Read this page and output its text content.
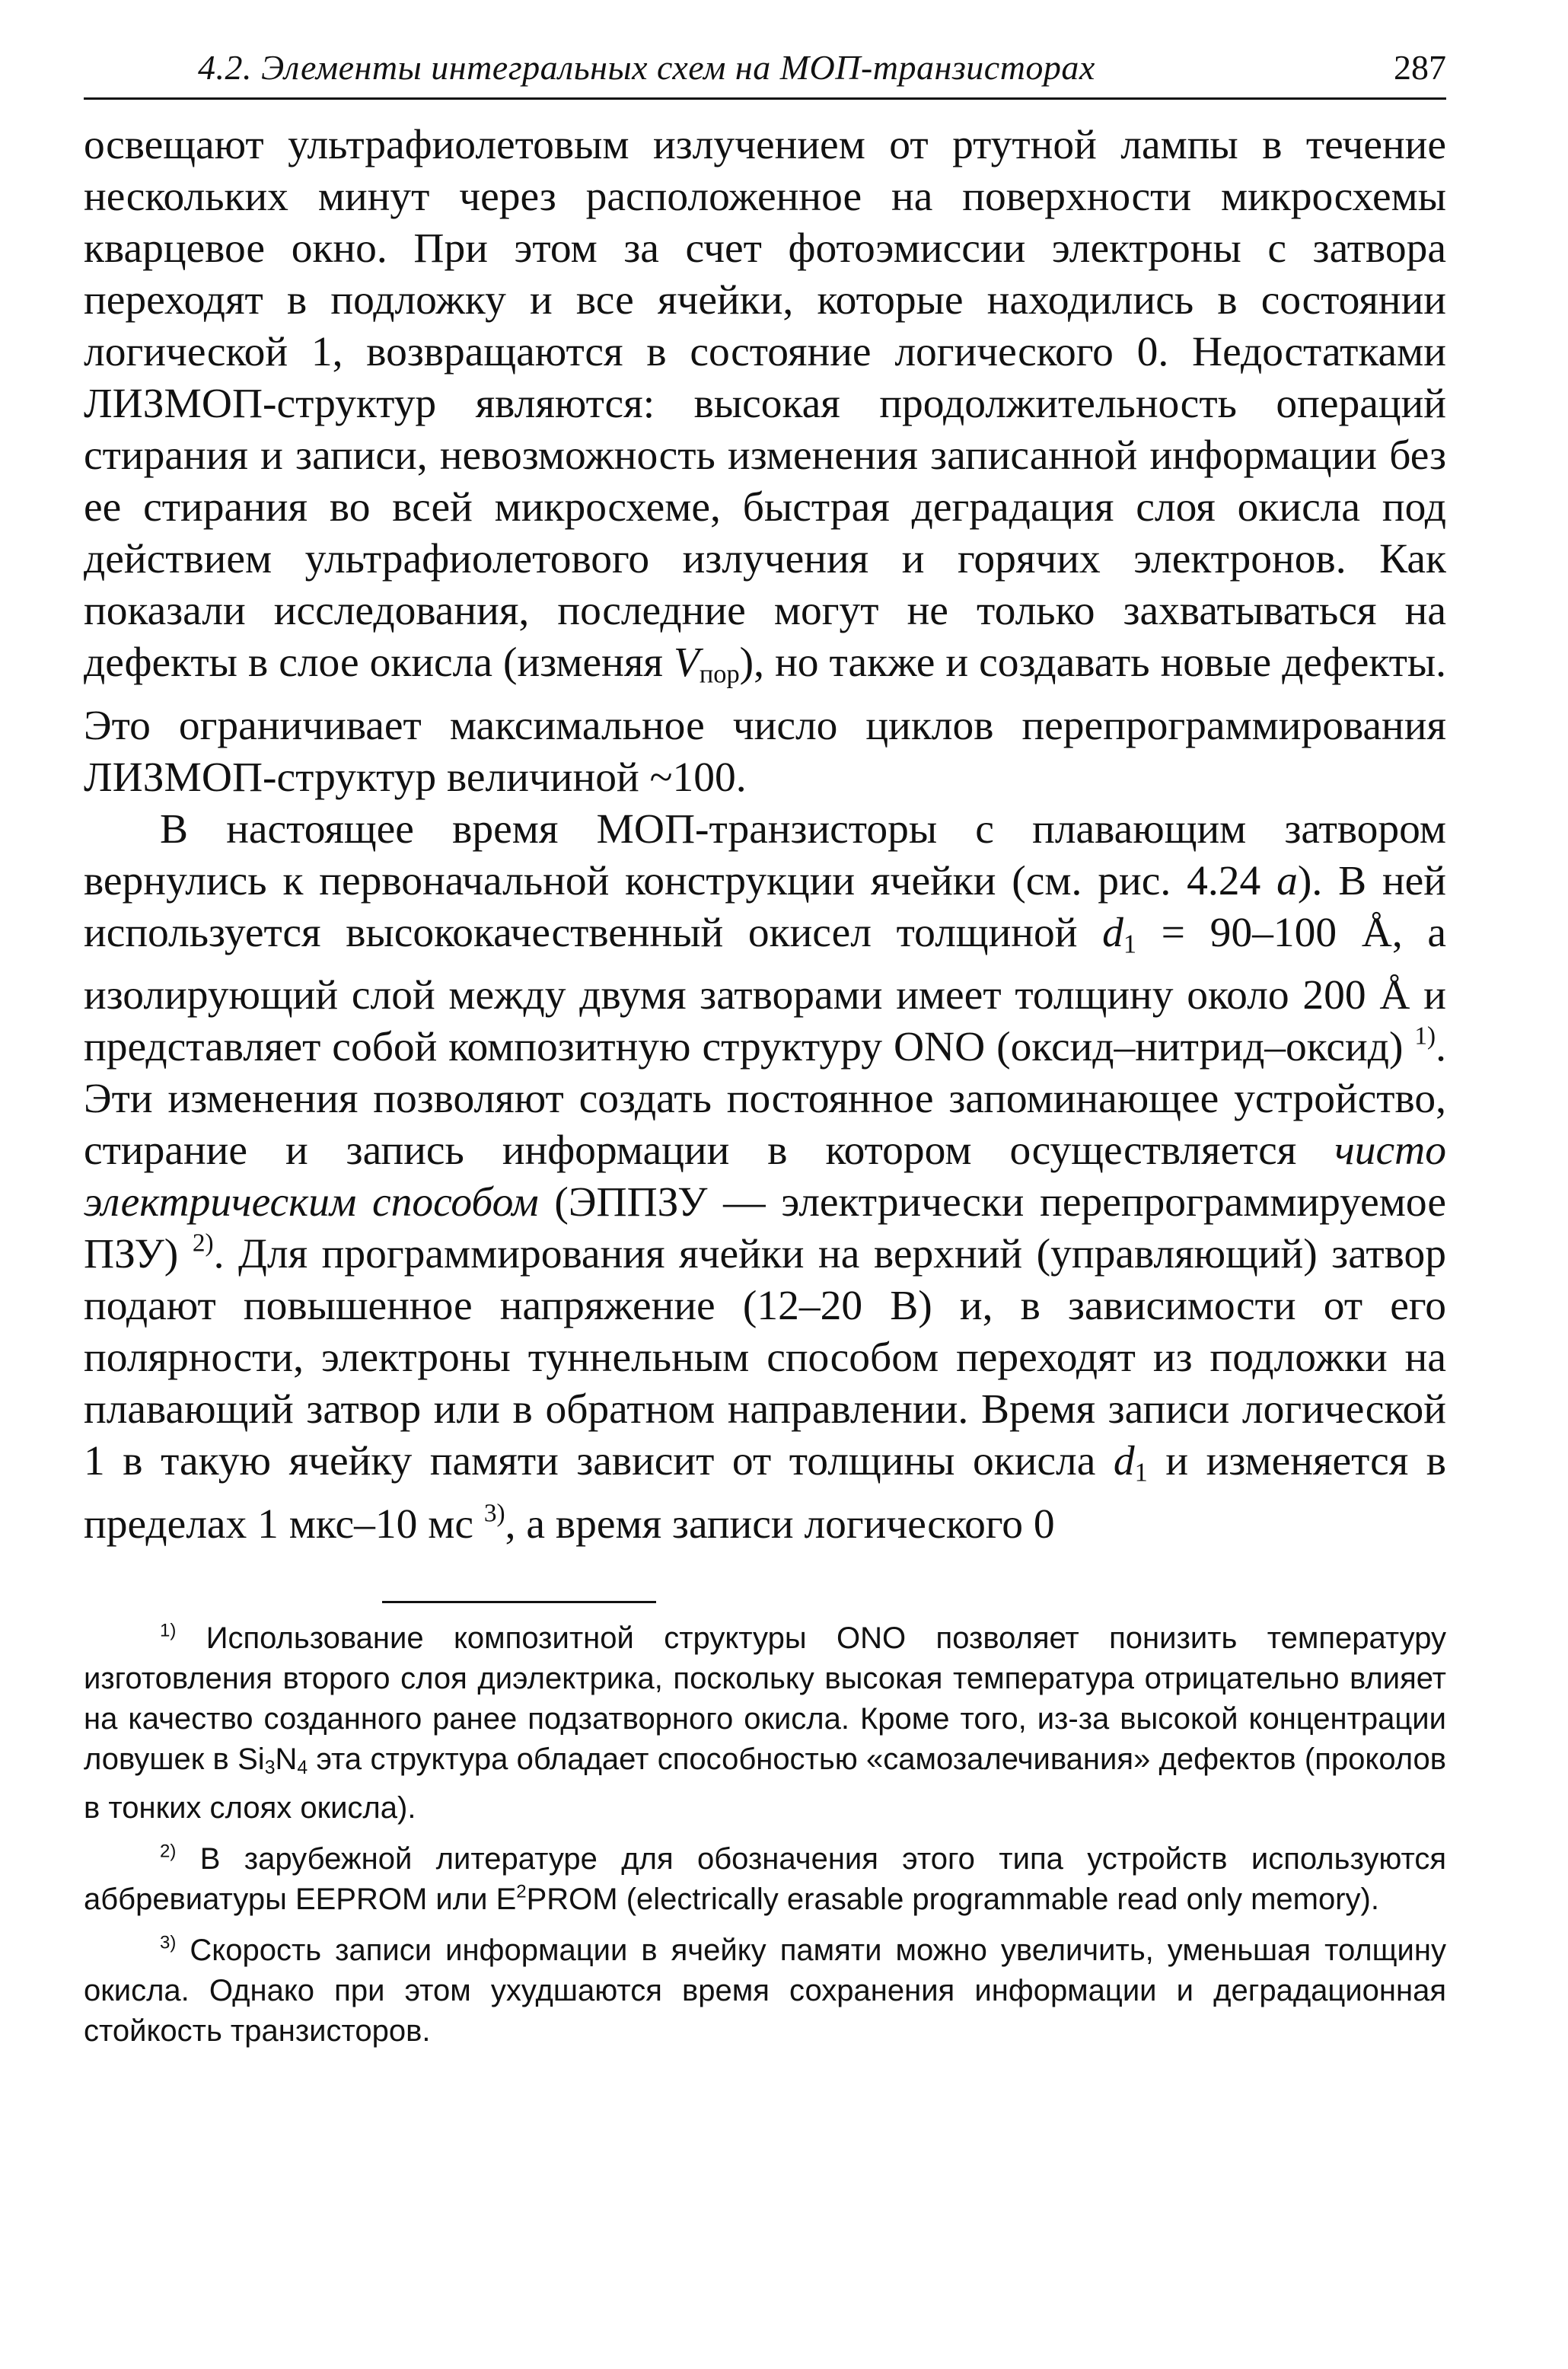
4.2. Элементы интегральных схем на МОП-транзисторах	287

освещают ультрафиолетовым излучением от ртутной лампы в течение нескольких минут через расположенное на поверхности микросхемы кварцевое окно. При этом за счет фотоэмиссии электроны с затвора переходят в подложку и все ячейки, которые находились в состоянии логической 1, возвращаются в состояние логического 0. Недостатками ЛИЗМОП-структур являются: высокая продолжительность операций стирания и записи, невозможность изменения записанной информации без ее стирания во всей микросхеме, быстрая деградация слоя окисла под действием ультрафиолетового излучения и горячих электронов. Как показали исследования, последние могут не только захватываться на дефекты в слое окисла (изменяя $V_{пор}$), но также и создавать новые дефекты. Это ограничивает максимальное число циклов перепрограммирования ЛИЗМОП-структур величиной ~100.

В настоящее время МОП-транзисторы с плавающим затвором вернулись к первоначальной конструкции ячейки (см. рис. 4.24 а). В ней используется высококачественный окисел толщиной $d_1 = 90-100$ Å, а изолирующий слой между двумя затворами имеет толщину около 200 Å и представляет собой композитную структуру ONO (оксид–нитрид–оксид) $^{1)}$. Эти изменения позволяют создать постоянное запоминающее устройство, стирание и запись информации в котором осуществляется чисто электрическим способом (ЭППЗУ — электрически перепрограммируемое ПЗУ) $^{2)}$. Для программирования ячейки на верхний (управляющий) затвор подают повышенное напряжение (12–20 В) и, в зависимости от его полярности, электроны туннельным способом переходят из подложки на плавающий затвор или в обратном направлении. Время записи логической 1 в такую ячейку памяти зависит от толщины окисла $d_1$ и изменяется в пределах 1 мкс–10 мс $^{3)}$, а время записи логического 0

$^{1)}$ Использование композитной структуры ONO позволяет понизить температуру изготовления второго слоя диэлектрика, поскольку высокая температура отрицательно влияет на качество созданного ранее подзатворного окисла. Кроме того, из-за высокой концентрации ловушек в $Si_3N_4$ эта структура обладает способностью «самозалечивания» дефектов (проколов в тонких слоях окисла).

$^{2)}$ В зарубежной литературе для обозначения этого типа устройств используются аббревиатуры EEPROM или $E^2PROM$ (electrically erasable programmable read only memory).

$^{3)}$ Скорость записи информации в ячейку памяти можно увеличить, уменьшая толщину окисла. Однако при этом ухудшаются время сохранения информации и деградационная стойкость транзисторов.
